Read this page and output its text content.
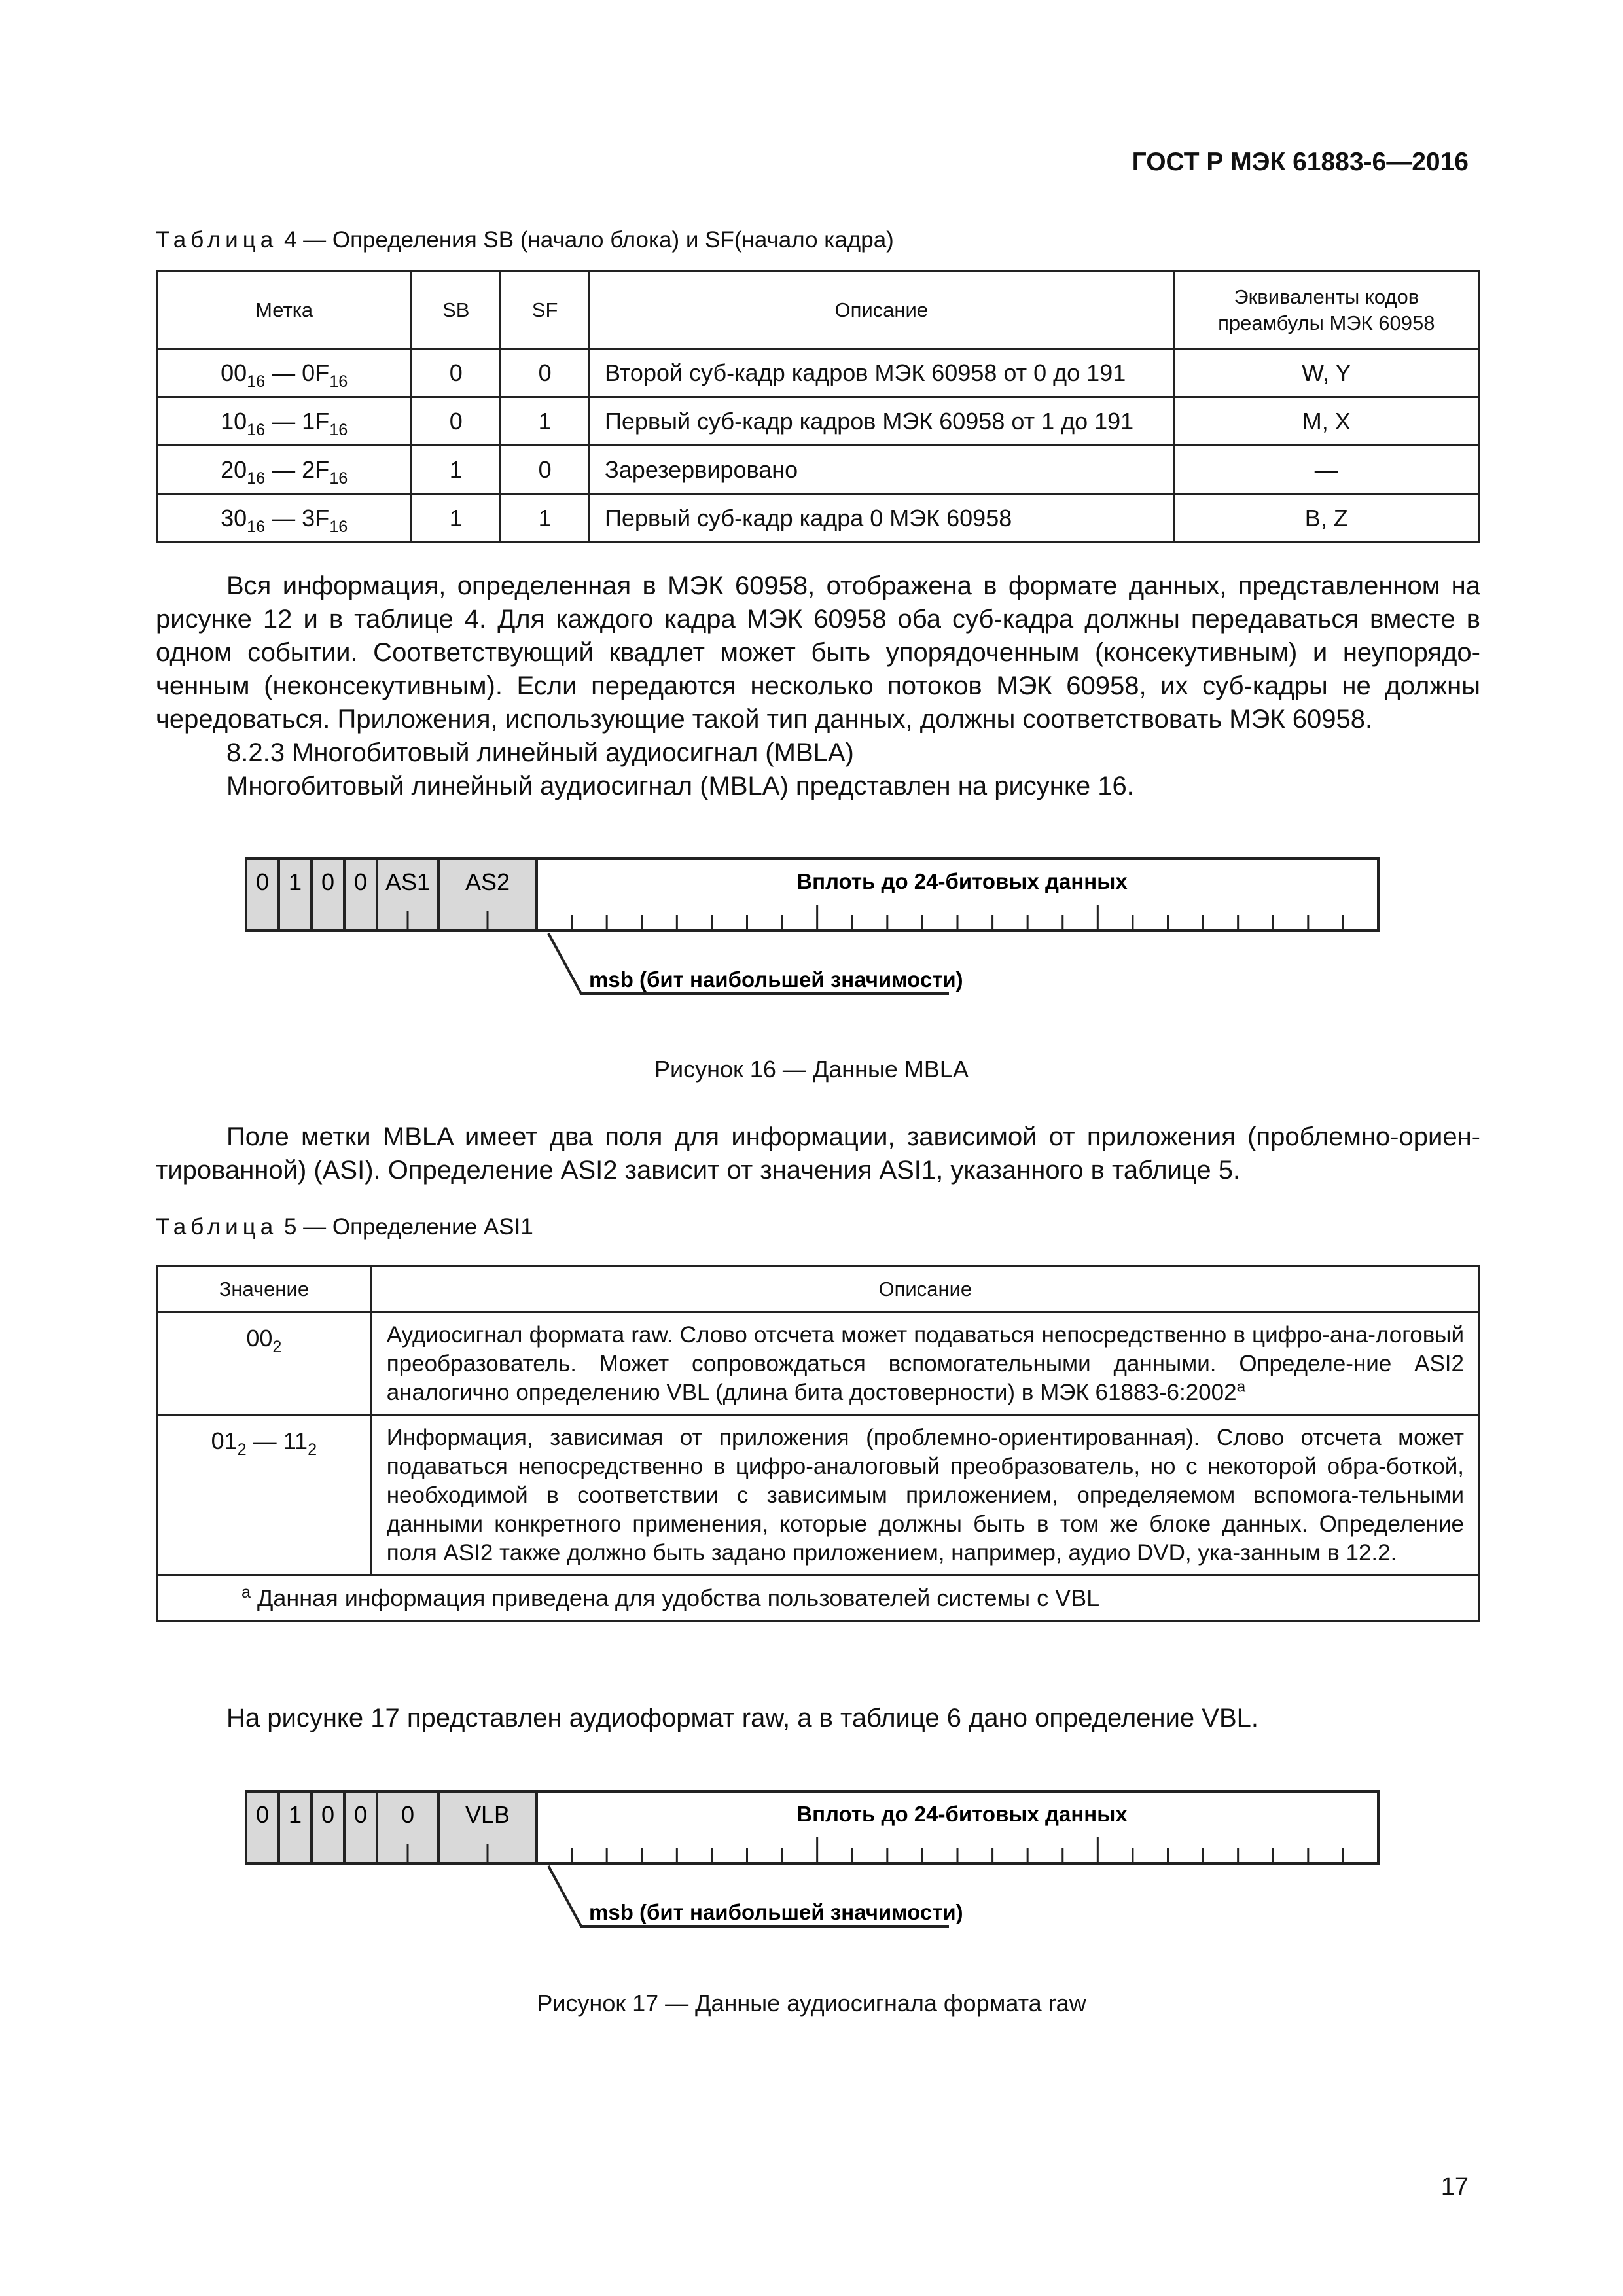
ГОСТ Р МЭК 61883-6—2016
Таблица 4 — Определения SB (начало блока) и SF(начало кадра)
Метка	SB	SF	Описание	Эквиваленты кодов
преамбулы МЭК 60958
$00_{16}$ — $0F_{16}$	0	0	Второй суб-кадр кадров МЭК 60958 от 0 до 191	W, Y
$10_{16}$ — $1F_{16}$	0	1	Первый суб-кадр кадров МЭК 60958 от 1 до 191	M, X
$20_{16}$ — $2F_{16}$	1	0	Зарезервировано	—
$30_{16}$ — $3F_{16}$	1	1	Первый суб-кадр кадра 0 МЭК 60958	B, Z

Вся информация, определенная в МЭК 60958, отображена в формате данных, представленном на

рисунке 12 и в таблице 4. Для каждого кадра МЭК 60958 оба суб-кадра должны передаваться вместе в

одном событии. Соответствующий квадлет может быть упорядоченным (консекутивным) и неупорядо-

ченным (неконсекутивным). Если передаются несколько потоков МЭК 60958, их суб-кадры не должны

чередоваться. Приложения, использующие такой тип данных, должны соответствовать МЭК 60958.

8.2.3 Многобитовый линейный аудиосигнал (MBLA)

Многобитовый линейный аудиосигнал (MBLA) представлен на рисунке 16.

0 1 0 0 AS1 AS2	Вплоть до 24-битовых данных
msb (бит наибольшей значимости)
Рисунок 16 — Данные MBLA

Поле метки MBLA имеет два поля для информации, зависимой от приложения (проблемно-ориен-

тированной) (ASI). Определение ASI2 зависит от значения ASI1, указанного в таблице 5.

Таблица 5 — Определение ASI1
Значение	Описание
$00_2$	Аудиосигнал формата raw. Слово отсчета может подаваться непосредственно в цифро-ана-логовый преобразователь. Может сопровождаться вспомогательными данными. Определе-ние ASI2 аналогично определению VBL (длина бита достоверности) в МЭК 61883-6:2002$^a$
$01_2$ — $11_2$	Информация, зависимая от приложения (проблемно-ориентированная). Слово отсчета может подаваться непосредственно в цифро-аналоговый преобразователь, но с некоторой обра-боткой, необходимой в соответствии с зависимым приложением, определяемом вспомога-тельными данными конкретного применения, которые должны быть в том же блоке данных. Определение поля ASI2 также должно быть задано приложением, например, аудио DVD, ука-занным в 12.2.
$^a$ Данная информация приведена для удобства пользователей системы с VBL	

На рисунке 17 представлен аудиоформат raw, а в таблице 6 дано определение VBL.

0 1 0 0 0 VLB	Вплоть до 24-битовых данных
msb (бит наибольшей значимости)
Рисунок 17 — Данные аудиосигнала формата raw
17
